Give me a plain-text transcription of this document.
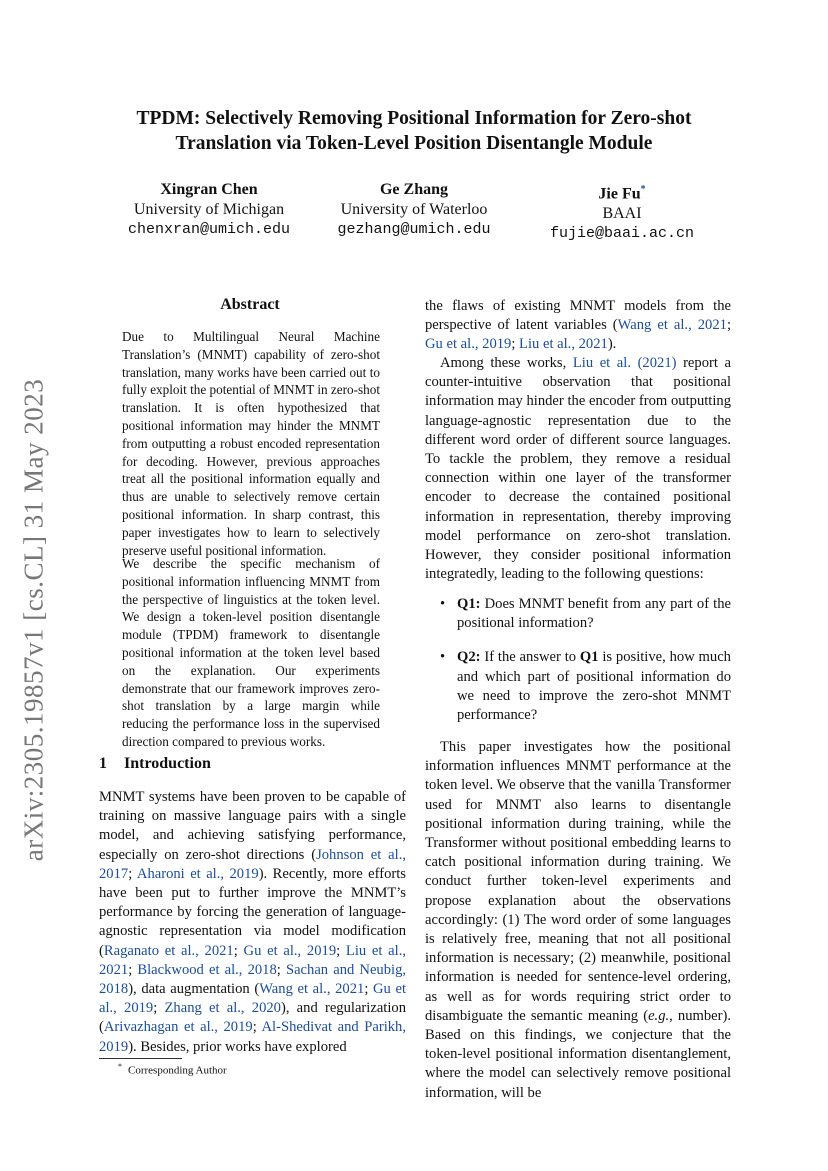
arXiv:2305.19857v1 [cs.CL] 31 May 2023
TPDM: Selectively Removing Positional Information for Zero-shot
Translation via Token-Level Position Disentangle Module
Xingran Chen
University of Michigan
chenxran@umich.edu
Ge Zhang
University of Waterloo
gezhang@umich.edu
Jie Fu*
BAAI
fujie@baai.ac.cn
Abstract

Due to Multilingual Neural Machine Translation’s (MNMT) capability of zero-shot translation, many works have been carried out to fully exploit the potential of MNMT in zero-shot translation. It is often hypothesized that positional information may hinder the MNMT from outputting a robust encoded representation for decoding. However, previous approaches treat all the positional information equally and thus are unable to selectively remove certain positional information. In sharp contrast, this paper investigates how to learn to selectively preserve useful positional information.

We describe the specific mechanism of positional information influencing MNMT from the perspective of linguistics at the token level. We design a token-level position disentangle module (TPDM) framework to disentangle positional information at the token level based on the explanation. Our experiments demonstrate that our framework improves zero-shot translation by a large margin while reducing the performance loss in the supervised direction compared to previous works.

1 Introduction

MNMT systems have been proven to be capable of training on massive language pairs with a single model, and achieving satisfying performance, especially on zero-shot directions (Johnson et al., 2017; Aharoni et al., 2019). Recently, more efforts have been put to further improve the MNMT’s performance by forcing the generation of language-agnostic representation via model modification (Raganato et al., 2021; Gu et al., 2019; Liu et al., 2021; Blackwood et al., 2018; Sachan and Neubig, 2018), data augmentation (Wang et al., 2021; Gu et al., 2019; Zhang et al., 2020), and regularization (Arivazhagan et al., 2019; Al-Shedivat and Parikh, 2019). Besides, prior works have explored

* Corresponding Author

the flaws of existing MNMT models from the perspective of latent variables (Wang et al., 2021; Gu et al., 2019; Liu et al., 2021).

Among these works, Liu et al. (2021) report a counter-intuitive observation that positional information may hinder the encoder from outputting language-agnostic representation due to the different word order of different source languages. To tackle the problem, they remove a residual connection within one layer of the transformer encoder to decrease the contained positional information in representation, thereby improving model performance on zero-shot translation. However, they consider positional information integratedly, leading to the following questions:

• Q1: Does MNMT benefit from any part of the positional information?
• Q2: If the answer to Q1 is positive, how much and which part of positional information do we need to improve the zero-shot MNMT performance?

This paper investigates how the positional information influences MNMT performance at the token level. We observe that the vanilla Transformer used for MNMT also learns to disentangle positional information during training, while the Transformer without positional embedding learns to catch positional information during training. We conduct further token-level experiments and propose explanation about the observations accordingly: (1) The word order of some languages is relatively free, meaning that not all positional information is necessary; (2) meanwhile, positional information is needed for sentence-level ordering, as well as for words requiring strict order to disambiguate the semantic meaning (e.g., number). Based on this findings, we conjecture that the token-level positional information disentanglement, where the model can selectively remove positional information, will be
